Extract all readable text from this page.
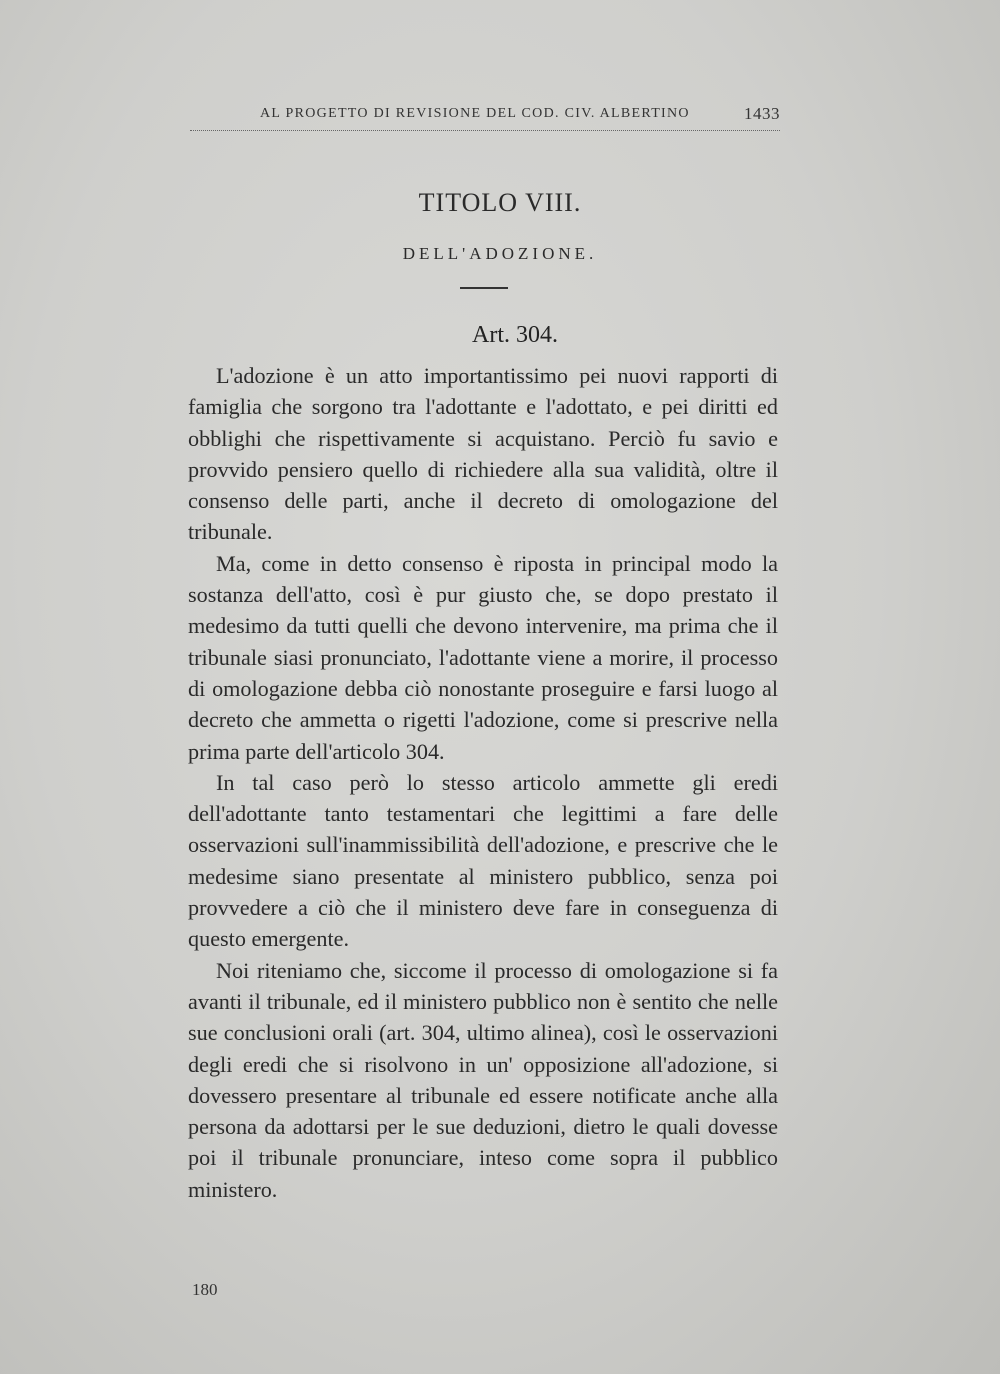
AL PROGETTO DI REVISIONE DEL COD. CIV. ALBERTINO	1433
TITOLO VIII.
DELL'ADOZIONE.
Art. 304.

L'adozione è un atto importantissimo pei nuovi rapporti di famiglia che sorgono tra l'adottante e l'adottato, e pei diritti ed obblighi che rispettivamente si acquistano. Perciò fu savio e provvido pensiero quello di richiedere alla sua validità, oltre il consenso delle parti, anche il decreto di omologazione del tribunale.

Ma, come in detto consenso è riposta in principal modo la sostanza dell'atto, così è pur giusto che, se dopo prestato il medesimo da tutti quelli che devono intervenire, ma prima che il tribunale siasi pronunciato, l'adottante viene a morire, il processo di omologazione debba ciò nonostante proseguire e farsi luogo al decreto che ammetta o rigetti l'adozione, come si prescrive nella prima parte dell'articolo 304.

In tal caso però lo stesso articolo ammette gli eredi dell'adottante tanto testamentari che legittimi a fare delle osservazioni sull'inammissibilità dell'adozione, e prescrive che le medesime siano presentate al ministero pubblico, senza poi provvedere a ciò che il ministero deve fare in conseguenza di questo emergente.

Noi riteniamo che, siccome il processo di omologazione si fa avanti il tribunale, ed il ministero pubblico non è sentito che nelle sue conclusioni orali (art. 304, ultimo alinea), così le osservazioni degli eredi che si risolvono in un' opposizione all'adozione, si dovessero presentare al tribunale ed essere notificate anche alla persona da adottarsi per le sue deduzioni, dietro le quali dovesse poi il tribunale pronunciare, inteso come sopra il pubblico ministero.

180
